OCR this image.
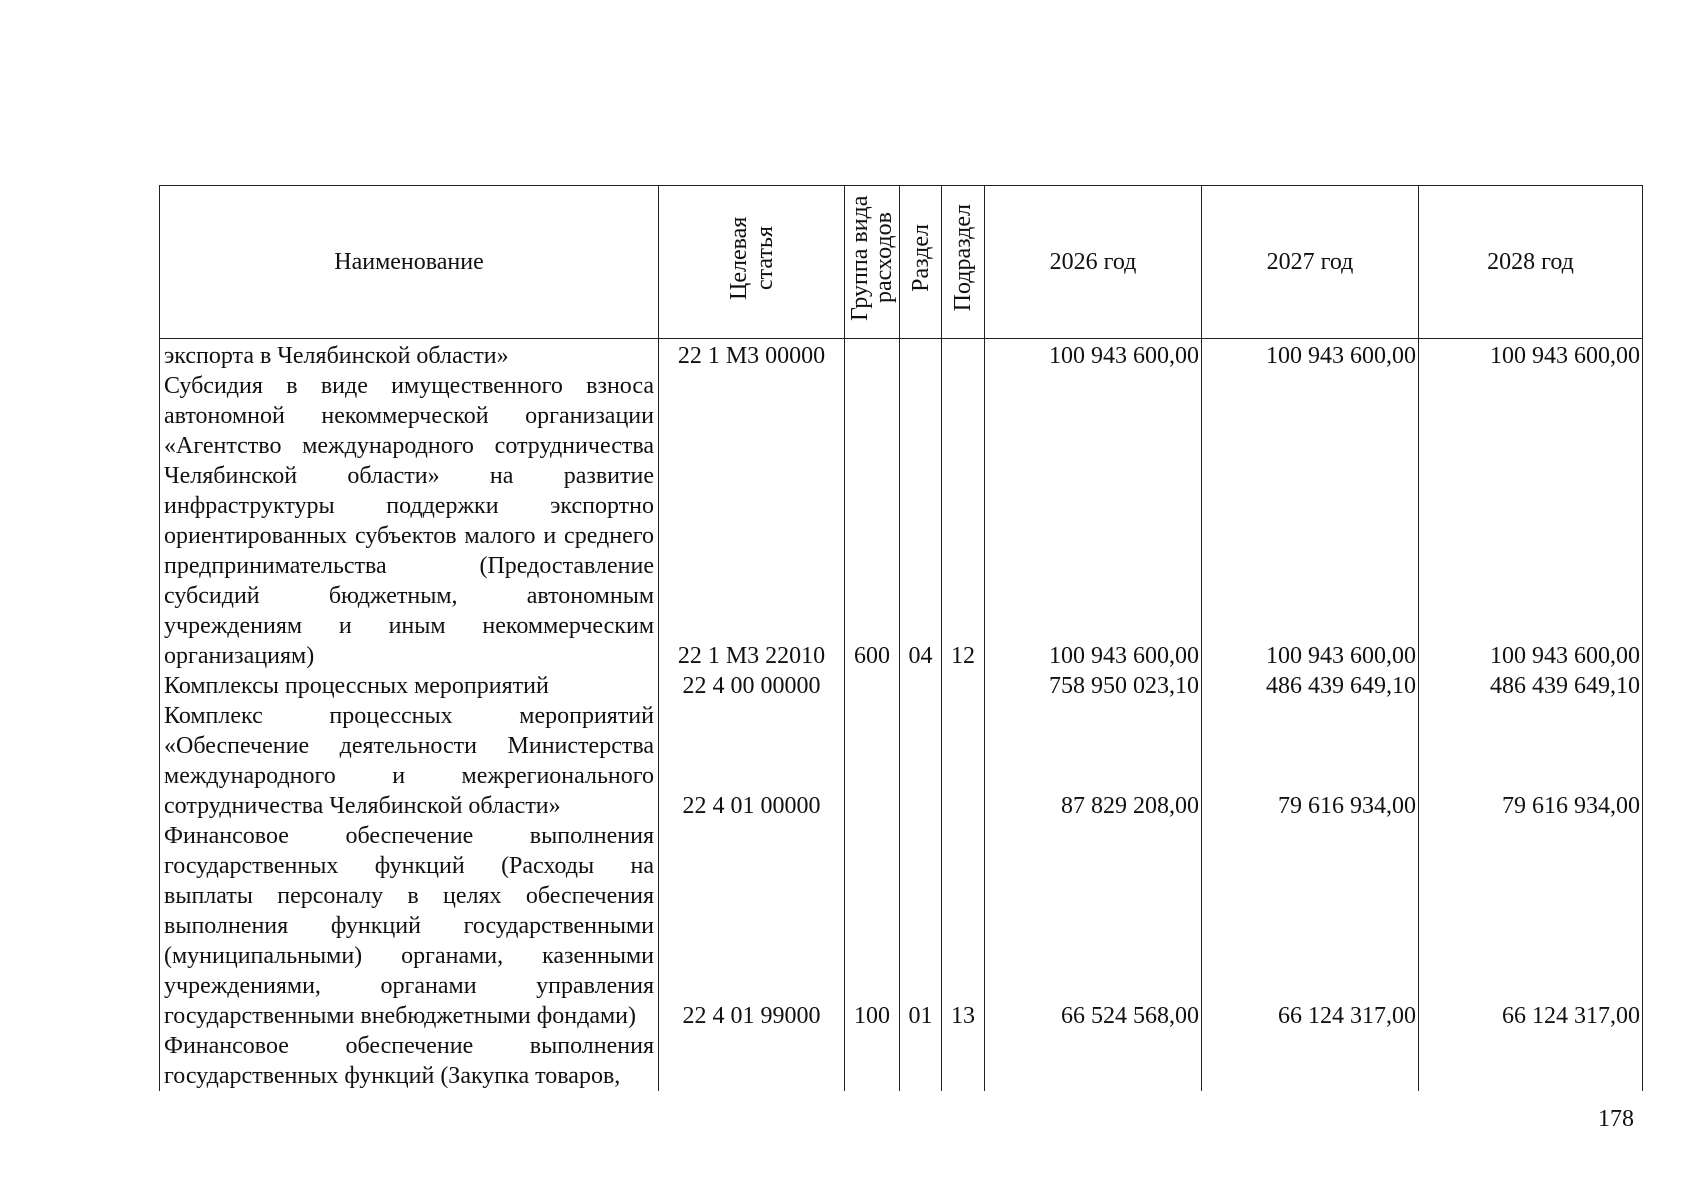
Наименование	Целевая статья	Группа вида расходов	Раздел	Подраздел	2026 год	2027 год	2028 год
экспорта в Челябинской области»	22 1 M3 00000				100 943 600,00	100 943 600,00	100 943 600,00
Субсидия в виде имущественного взноса автономной некоммерческой организации «Агентство международного сотрудничества Челябинской области» на развитие инфраструктуры поддержки экспортно ориентированных субъектов малого и среднего предпринимательства (Предоставление субсидий бюджетным, автономным учреждениям и иным некоммерческим организациям)	22 1 M3 22010	600	04	12	100 943 600,00	100 943 600,00	100 943 600,00
Комплексы процессных мероприятий	22 4 00 00000				758 950 023,10	486 439 649,10	486 439 649,10
Комплекс процессных мероприятий «Обеспечение деятельности Министерства международного и межрегионального сотрудничества Челябинской области»	22 4 01 00000				87 829 208,00	79 616 934,00	79 616 934,00
Финансовое обеспечение выполнения государственных функций (Расходы на выплаты персоналу в целях обеспечения выполнения функций государственными (муниципальными) органами, казенными учреждениями, органами управления государственными внебюджетными фондами)	22 4 01 99000	100	01	13	66 524 568,00	66 124 317,00	66 124 317,00
Финансовое обеспечение выполнения государственных функций (Закупка товаров,							
178
